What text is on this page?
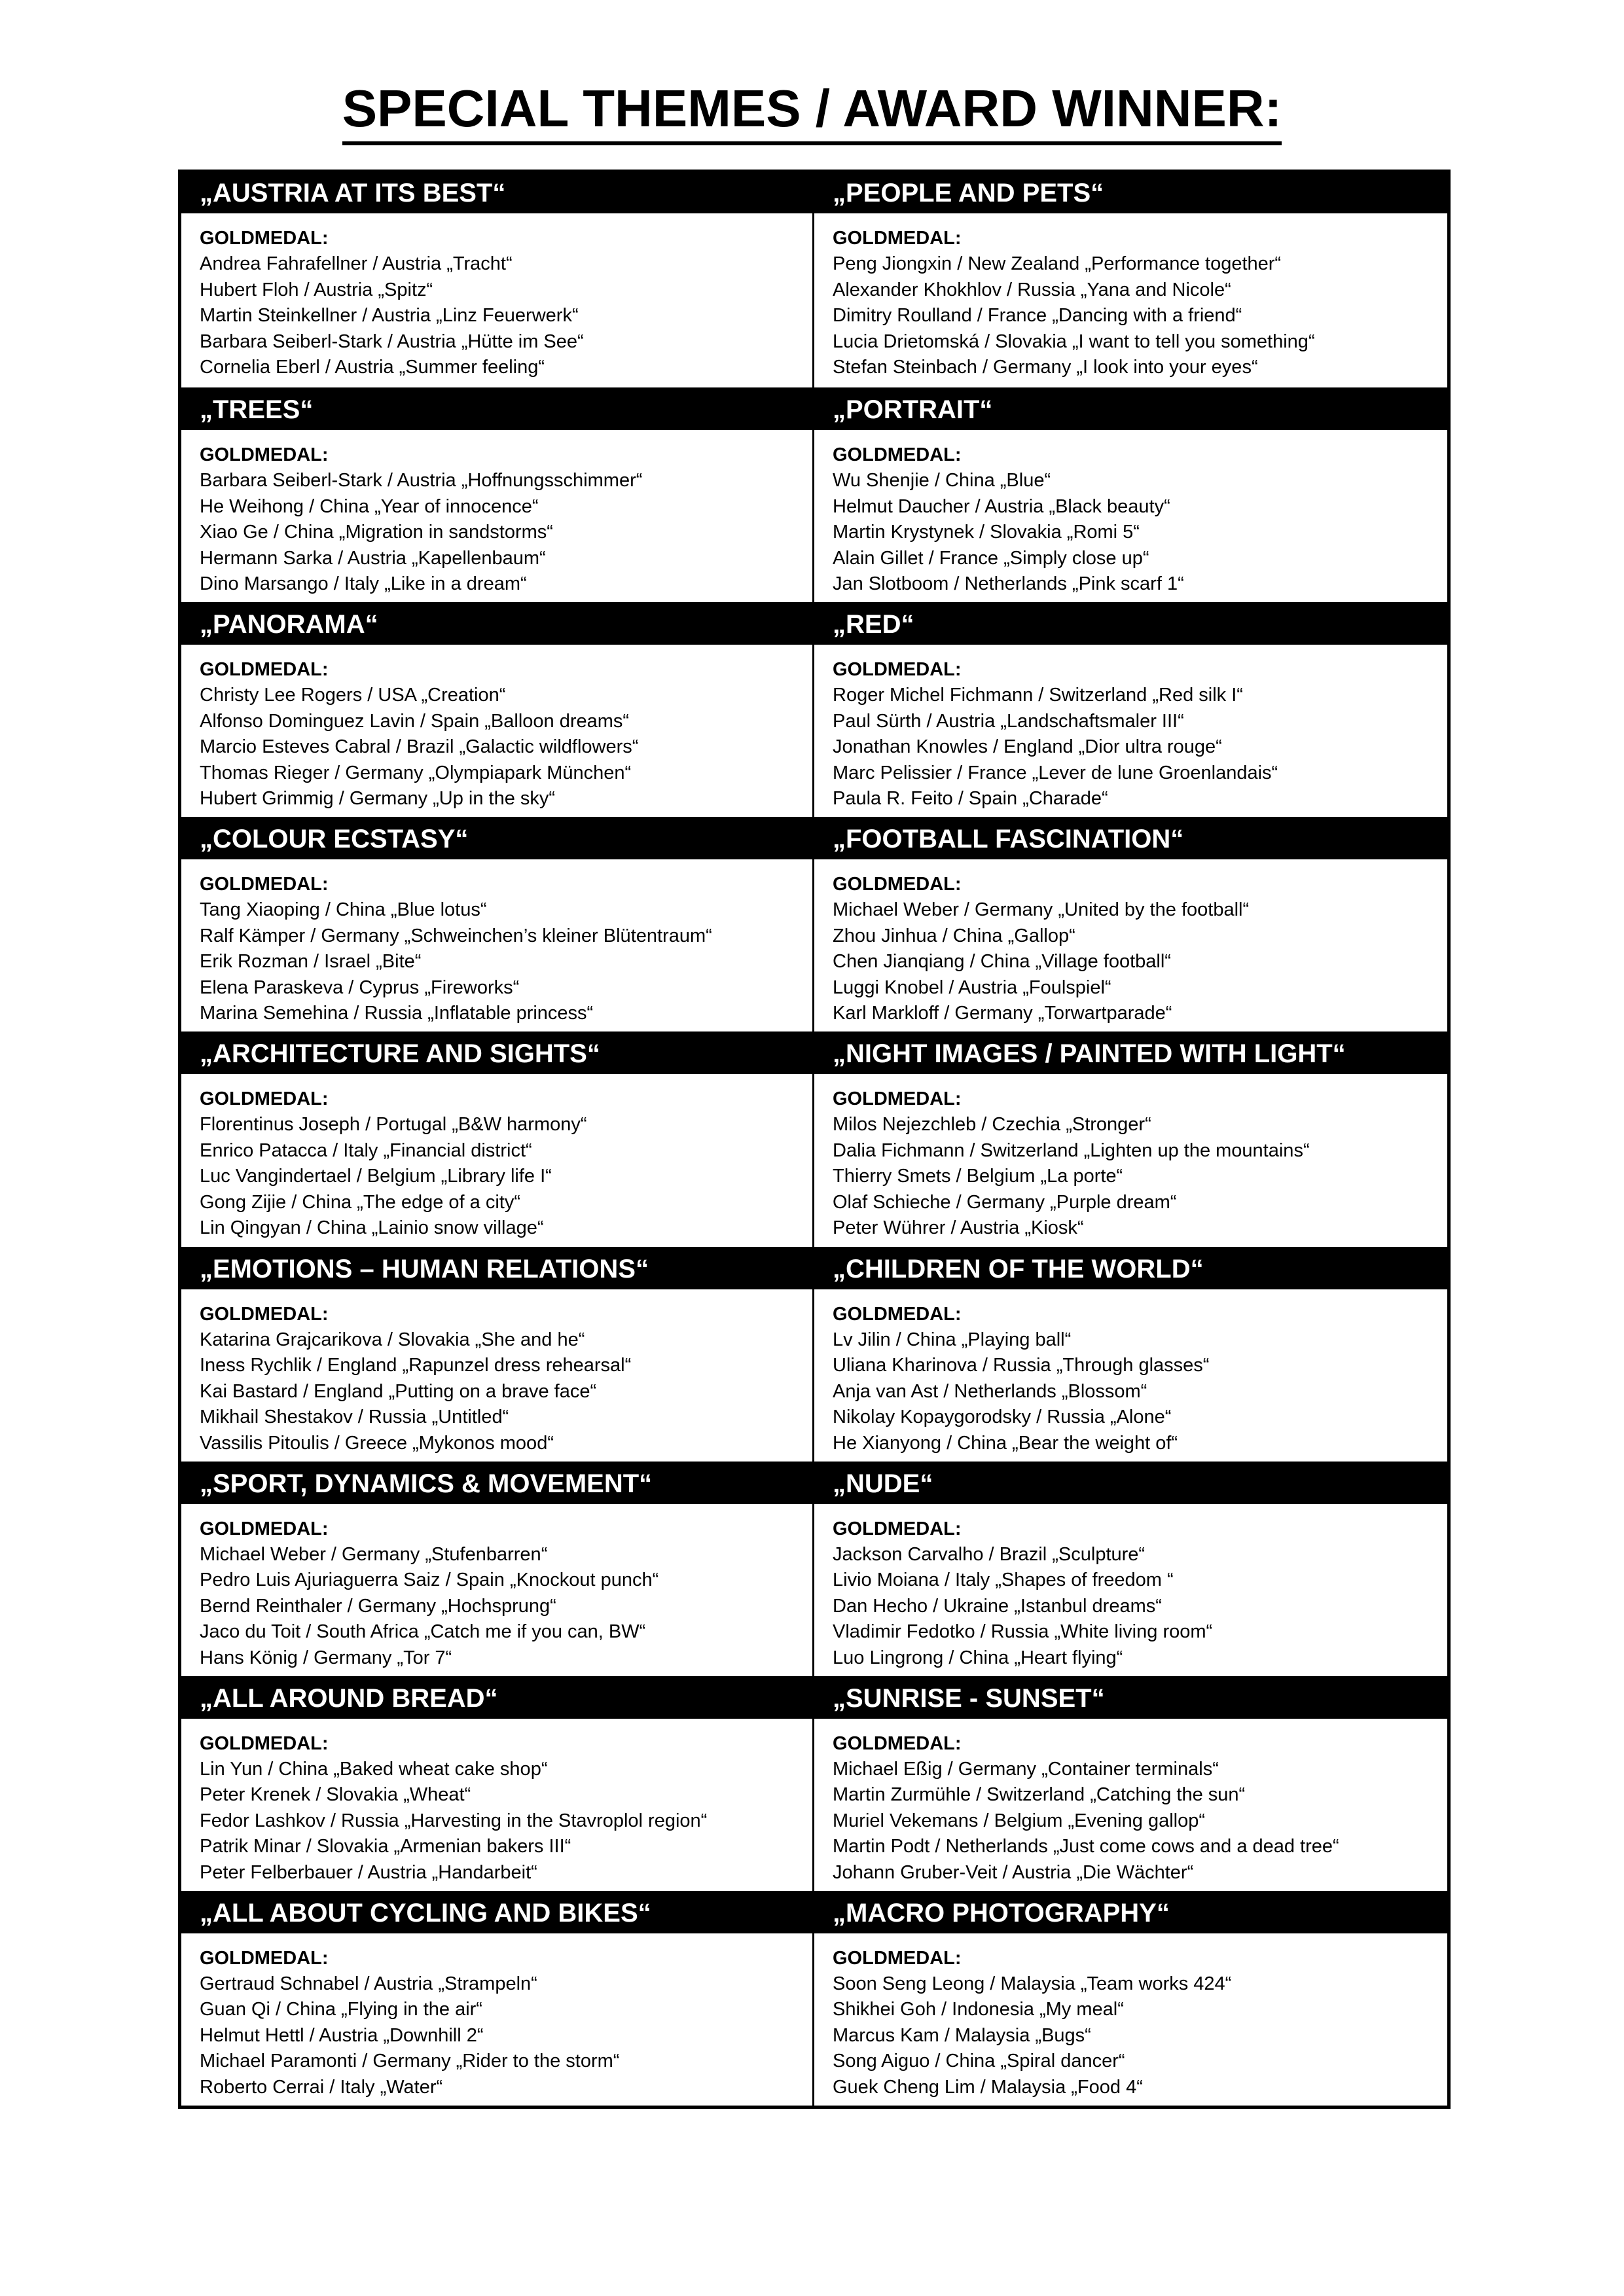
SPECIAL THEMES / AWARD WINNER:
„AUSTRIA AT ITS BEST“
GOLDMEDAL:
Andrea Fahrafellner / Austria „Tracht“
Hubert Floh / Austria „Spitz“
Martin Steinkellner / Austria „Linz Feuerwerk“
Barbara Seiberl-Stark / Austria „Hütte im See“
Cornelia Eberl / Austria „Summer feeling“
„PEOPLE AND PETS“
GOLDMEDAL:
Peng Jiongxin / New Zealand „Performance together“
Alexander Khokhlov / Russia „Yana and Nicole“
Dimitry Roulland / France „Dancing with a friend“
Lucia Drietomská / Slovakia „I want to tell you something“
Stefan Steinbach / Germany „I look into your eyes“
„TREES“
GOLDMEDAL:
Barbara Seiberl-Stark / Austria „Hoffnungsschimmer“
He Weihong / China „Year of innocence“
Xiao Ge / China „Migration in sandstorms“
Hermann Sarka / Austria „Kapellenbaum“
Dino Marsango / Italy „Like in a dream“
„PORTRAIT“
GOLDMEDAL:
Wu Shenjie / China „Blue“
Helmut Daucher / Austria „Black beauty“
Martin Krystynek / Slovakia „Romi 5“
Alain Gillet / France „Simply close up“
Jan Slotboom / Netherlands „Pink scarf 1“
„PANORAMA“
GOLDMEDAL:
Christy Lee Rogers / USA „Creation“
Alfonso Dominguez Lavin / Spain „Balloon dreams“
Marcio Esteves Cabral / Brazil „Galactic wildflowers“
Thomas Rieger / Germany „Olympiapark München“
Hubert Grimmig / Germany „Up in the sky“
„RED“
GOLDMEDAL:
Roger Michel Fichmann / Switzerland „Red silk I“
Paul Sürth / Austria „Landschaftsmaler III“
Jonathan Knowles / England „Dior ultra rouge“
Marc Pelissier / France „Lever de lune Groenlandais“
Paula R. Feito / Spain „Charade“
„COLOUR ECSTASY“
GOLDMEDAL:
Tang Xiaoping / China „Blue lotus“
Ralf Kämper / Germany „Schweinchen’s kleiner Blütentraum“
Erik Rozman / Israel „Bite“
Elena Paraskeva / Cyprus „Fireworks“
Marina Semehina / Russia „Inflatable princess“
„FOOTBALL FASCINATION“
GOLDMEDAL:
Michael Weber / Germany „United by the football“
Zhou Jinhua / China „Gallop“
Chen Jianqiang / China „Village football“
Luggi Knobel / Austria „Foulspiel“
Karl Markloff / Germany „Torwartparade“
„ARCHITECTURE AND SIGHTS“
GOLDMEDAL:
Florentinus Joseph / Portugal „B&W harmony“
Enrico Patacca / Italy „Financial district“
Luc Vangindertael / Belgium „Library life I“
Gong Zijie / China „The edge of a city“
Lin Qingyan / China „Lainio snow village“
„NIGHT IMAGES / PAINTED WITH LIGHT“
GOLDMEDAL:
Milos Nejezchleb / Czechia „Stronger“
Dalia Fichmann / Switzerland „Lighten up the mountains“
Thierry Smets / Belgium „La porte“
Olaf Schieche / Germany „Purple dream“
Peter Wührer / Austria „Kiosk“
„EMOTIONS – HUMAN RELATIONS“
GOLDMEDAL:
Katarina Grajcarikova / Slovakia „She and he“
Iness Rychlik / England „Rapunzel dress rehearsal“
Kai Bastard / England „Putting on a brave face“
Mikhail Shestakov / Russia „Untitled“
Vassilis Pitoulis / Greece „Mykonos mood“
„CHILDREN OF THE WORLD“
GOLDMEDAL:
Lv Jilin / China „Playing ball“
Uliana Kharinova / Russia „Through glasses“
Anja van Ast / Netherlands „Blossom“
Nikolay Kopaygorodsky / Russia „Alone“
He Xianyong / China „Bear the weight of“
„SPORT, DYNAMICS & MOVEMENT“
GOLDMEDAL:
Michael Weber / Germany „Stufenbarren“
Pedro Luis Ajuriaguerra Saiz / Spain „Knockout punch“
Bernd Reinthaler / Germany „Hochsprung“
Jaco du Toit / South Africa „Catch me if you can, BW“
Hans König / Germany „Tor 7“
„NUDE“
GOLDMEDAL:
Jackson Carvalho / Brazil „Sculpture“
Livio Moiana / Italy „Shapes of freedom “
Dan Hecho / Ukraine „Istanbul dreams“
Vladimir Fedotko / Russia „White living room“
Luo Lingrong / China „Heart flying“
„ALL AROUND BREAD“
GOLDMEDAL:
Lin Yun / China „Baked wheat cake shop“
Peter Krenek / Slovakia „Wheat“
Fedor Lashkov / Russia „Harvesting in the Stavroplol region“
Patrik Minar / Slovakia „Armenian bakers III“
Peter Felberbauer / Austria „Handarbeit“
„SUNRISE - SUNSET“
GOLDMEDAL:
Michael Eßig / Germany „Container terminals“
Martin Zurmühle / Switzerland „Catching the sun“
Muriel Vekemans / Belgium „Evening gallop“
Martin Podt / Netherlands „Just come cows and a dead tree“
Johann Gruber-Veit / Austria „Die Wächter“
„ALL ABOUT CYCLING AND BIKES“
GOLDMEDAL:
Gertraud Schnabel / Austria „Strampeln“
Guan Qi / China „Flying in the air“
Helmut Hettl / Austria „Downhill 2“
Michael Paramonti / Germany „Rider to the storm“
Roberto Cerrai / Italy „Water“
„MACRO PHOTOGRAPHY“
GOLDMEDAL:
Soon Seng Leong / Malaysia „Team works 424“
Shikhei Goh / Indonesia „My meal“
Marcus Kam / Malaysia „Bugs“
Song Aiguo / China „Spiral dancer“
Guek Cheng Lim / Malaysia „Food 4“
